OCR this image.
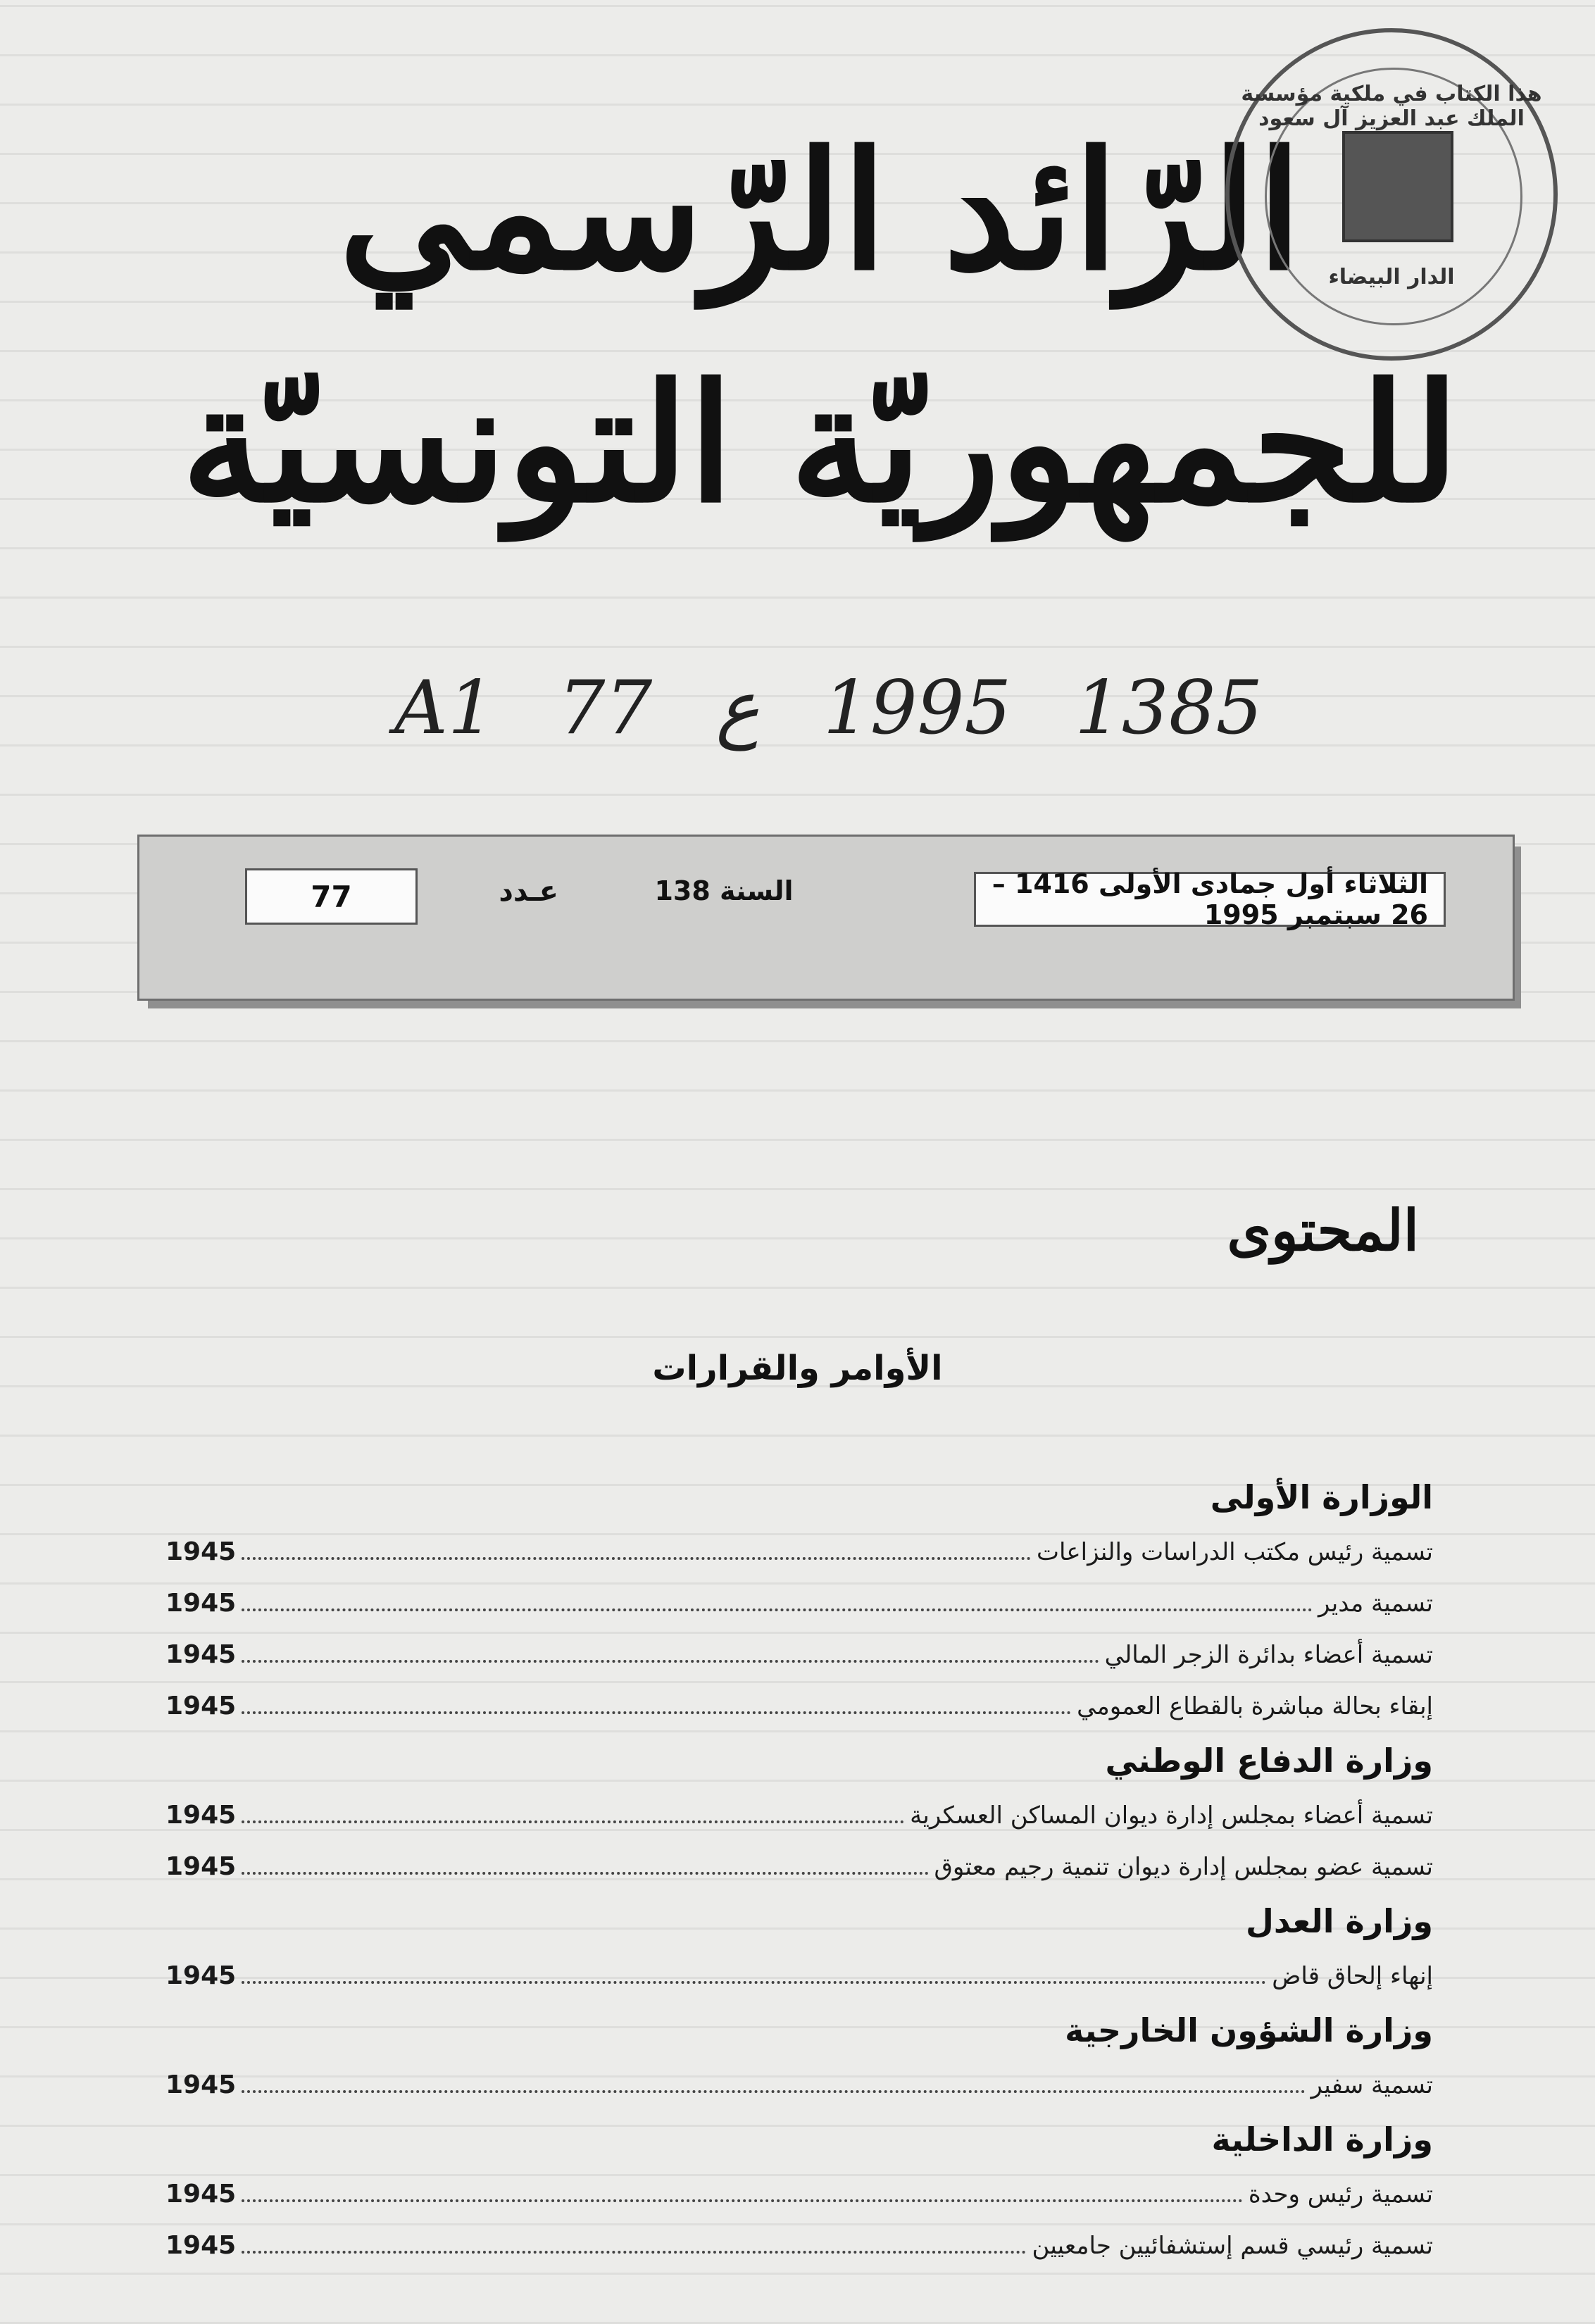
الرّائد الرّسمي
للجمهوريّة التونسيّة
هذا الكتاب في ملكية مؤسسة الملك عبد العزيز آل سعود
الدار البيضاء
A1 77 ع 1995 1385
الثلاثاء أول جمادى الأولى 1416 – 26 سبتمبر 1995
السنة 138
77	عـدد
المحتوى
الأوامر والقرارات
الوزارة الأولى
تسمية رئيس مكتب الدراسات والنزاعات
1945
تسمية مدير
1945
تسمية أعضاء بدائرة الزجر المالي
1945
إبقاء بحالة مباشرة بالقطاع العمومي
1945
وزارة الدفاع الوطني
تسمية أعضاء بمجلس إدارة ديوان المساكن العسكرية
1945
تسمية عضو بمجلس إدارة ديوان تنمية رجيم معتوق
1945
وزارة العدل
إنهاء إلحاق قاض
1945
وزارة الشؤون الخارجية
تسمية سفير
1945
وزارة الداخلية
تسمية رئيس وحدة
1945
تسمية رئيسي قسم إستشفائيين جامعيين
1945
